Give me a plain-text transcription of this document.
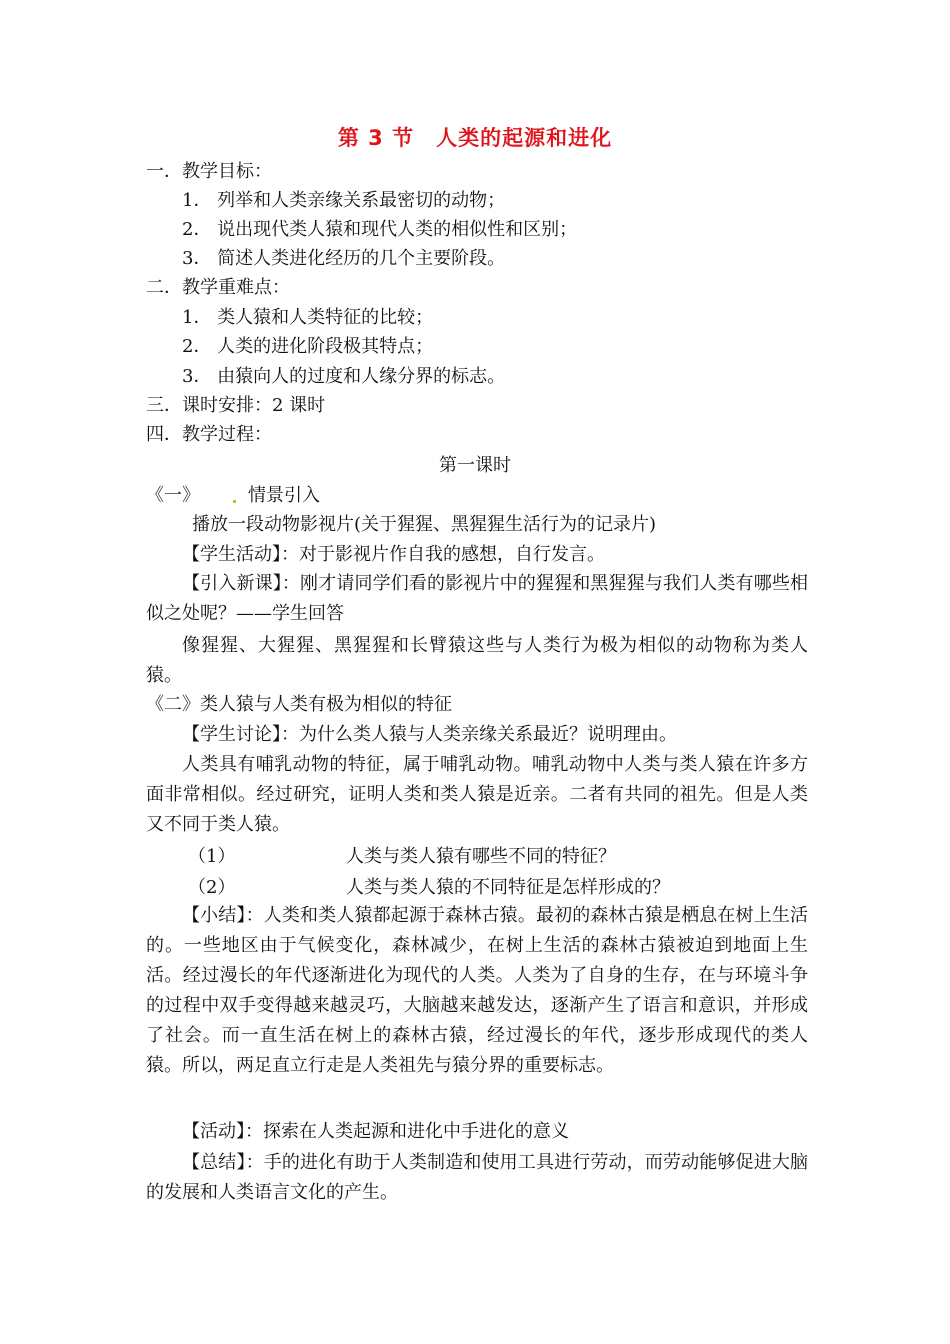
第 3 节　人类的起源和进化
一．教学目标：
1． 列举和人类亲缘关系最密切的动物；
2． 说出现代类人猿和现代人类的相似性和区别；
3． 简述人类进化经历的几个主要阶段。
二．教学重难点：
1． 类人猿和人类特征的比较；
2． 人类的进化阶段极其特点；
3． 由猿向人的过度和人缘分界的标志。
三．课时安排：2 课时
四．教学过程：
第一课时
《一》	情景引入
播放一段动物影视片(关于猩猩、黑猩猩生活行为的记录片)
【学生活动】：对于影视片作自我的感想，自行发言。
【引入新课】：刚才请同学们看的影视片中的猩猩和黑猩猩与我们人类有哪些相似之处呢？——学生回答
像猩猩、大猩猩、黑猩猩和长臂猿这些与人类行为极为相似的动物称为类人猿。
《二》类人猿与人类有极为相似的特征
【学生讨论】：为什么类人猿与人类亲缘关系最近？说明理由。
人类具有哺乳动物的特征，属于哺乳动物。哺乳动物中人类与类人猿在许多方面非常相似。经过研究，证明人类和类人猿是近亲。二者有共同的祖先。但是人类又不同于类人猿。
（1）	人类与类人猿有哪些不同的特征？
（2）	人类与类人猿的不同特征是怎样形成的？
【小结】：人类和类人猿都起源于森林古猿。最初的森林古猿是栖息在树上生活的。一些地区由于气候变化，森林减少，在树上生活的森林古猿被迫到地面上生活。经过漫长的年代逐渐进化为现代的人类。人类为了自身的生存，在与环境斗争的过程中双手变得越来越灵巧，大脑越来越发达，逐渐产生了语言和意识，并形成了社会。而一直生活在树上的森林古猿，经过漫长的年代，逐步形成现代的类人猿。所以，两足直立行走是人类祖先与猿分界的重要标志。
【活动】：探索在人类起源和进化中手进化的意义
【总结】：手的进化有助于人类制造和使用工具进行劳动，而劳动能够促进大脑的发展和人类语言文化的产生。
